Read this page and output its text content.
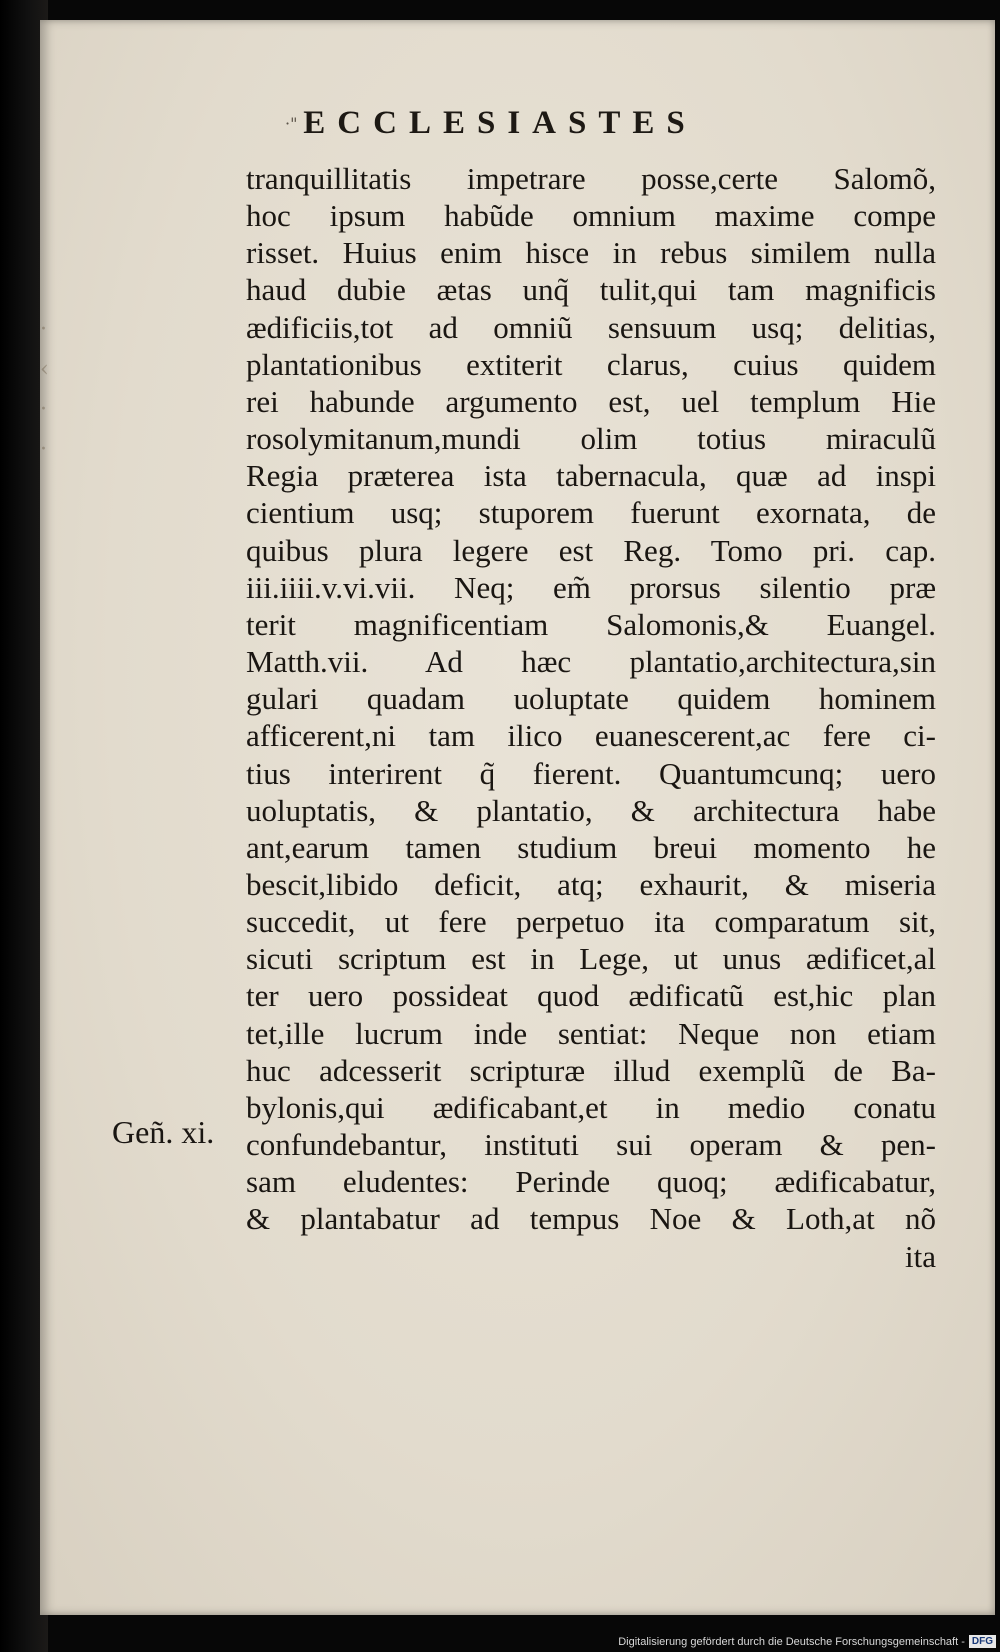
·
‹
·
·
·" ECCLESIASTES
tranquillitatis impetrare posse,certe Salomõ,
hoc ipsum habũde omnium maxime compe
risset. Huius enim hisce in rebus similem nulla
haud dubie ætas unq̃ tulit,qui tam magnificis
ædificiis,tot ad omniũ sensuum usq; delitias,
plantationibus extiterit clarus, cuius quidem
rei habunde argumento est, uel templum Hie
rosolymitanum,mundi olim totius miraculũ
Regia præterea ista tabernacula, quæ ad inspi
cientium usq; stuporem fuerunt exornata, de
quibus plura legere est Reg. Tomo pri. cap.
iii.iiii.v.vi.vii. Neq; em̃ prorsus silentio præ
terit magnificentiam Salomonis,& Euangel.
Matth.vii. Ad hæc plantatio,architectura,sin
gulari quadam uoluptate quidem hominem
afficerent,ni tam ilico euanescerent,ac fere ci-
tius interirent q̃ fierent. Quantumcunq; uero
uoluptatis, & plantatio, & architectura habe
ant,earum tamen studium breui momento he
bescit,libido deficit, atq; exhaurit, & miseria
succedit, ut fere perpetuo ita comparatum sit,
sicuti scriptum est in Lege, ut unus ædificet,al
ter uero possideat quod ædificatũ est,hic plan
tet,ille lucrum inde sentiat: Neque non etiam
huc adcesserit scripturæ illud exemplũ de Ba-
bylonis,qui ædificabant,et in medio conatu
confundebantur, instituti sui operam & pen-
sam eludentes: Perinde quoq; ædificabatur,
& plantabatur ad tempus Noe & Loth,at nõ
ita
Geñ. xi.
Digitalisierung gefördert durch die Deutsche Forschungsgemeinschaft - DFG
